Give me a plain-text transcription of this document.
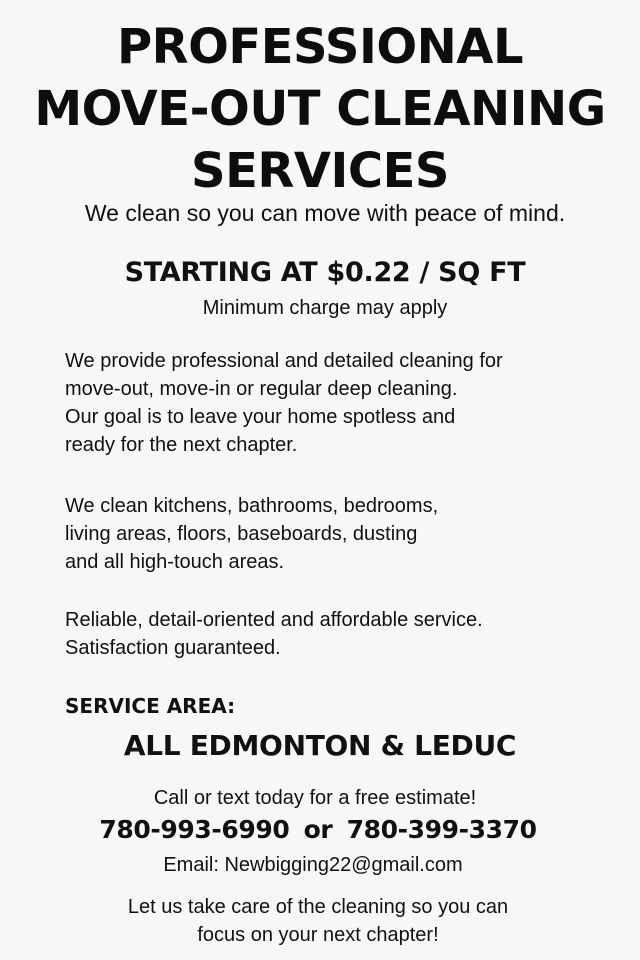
PROFESSIONAL
MOVE-OUT CLEANING
SERVICES
We clean so you can move with peace of mind.
STARTING AT $0.22 / SQ FT
Minimum charge may apply
We provide professional and detailed cleaning for
move-out, move-in or regular deep cleaning.
Our goal is to leave your home spotless and
ready for the next chapter.
We clean kitchens, bathrooms, bedrooms,
living areas, floors, baseboards, dusting
and all high-touch areas.
Reliable, detail-oriented and affordable service.
Satisfaction guaranteed.
SERVICE AREA:
ALL EDMONTON & LEDUC
Call or text today for a free estimate!
780-993-6990 or 780-399-3370
Email: Newbigging22@gmail.com
Let us take care of the cleaning so you can
focus on your next chapter!
